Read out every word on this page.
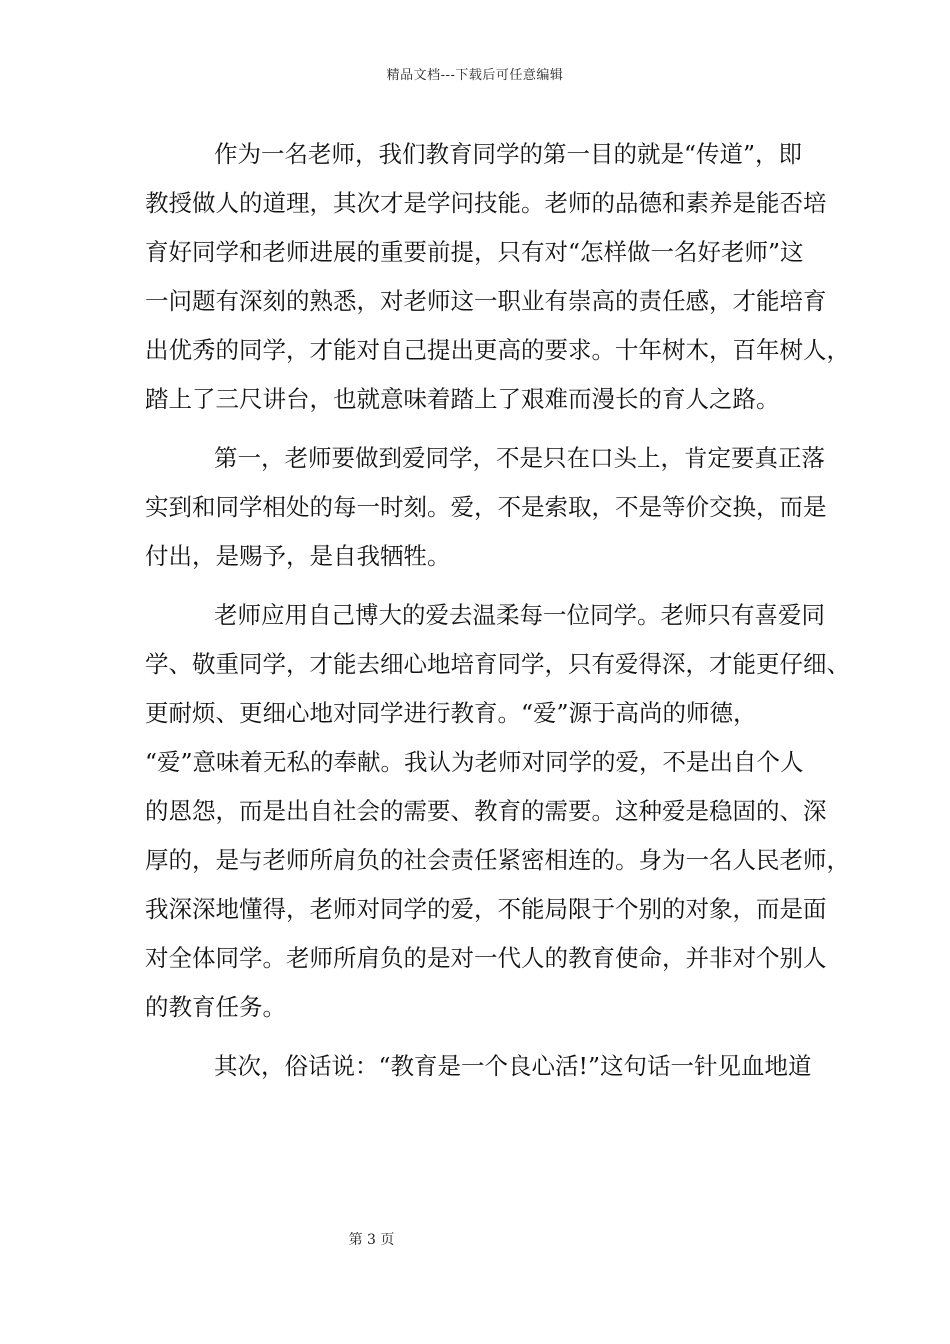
精品文档---下载后可任意编辑
作为一名老师，我们教育同学的第一目的就是“传道”，即
教授做人的道理，其次才是学问技能。老师的品德和素养是能否培
育好同学和老师进展的重要前提，只有对“怎样做一名好老师”这
一问题有深刻的熟悉，对老师这一职业有崇高的责任感，才能培育
出优秀的同学，才能对自己提出更高的要求。十年树木，百年树人，
踏上了三尺讲台，也就意味着踏上了艰难而漫长的育人之路。
第一，老师要做到爱同学，不是只在口头上，肯定要真正落
实到和同学相处的每一时刻。爱，不是索取，不是等价交换，而是
付出，是赐予，是自我牺牲。
老师应用自己博大的爱去温柔每一位同学。老师只有喜爱同
学、敬重同学，才能去细心地培育同学，只有爱得深，才能更仔细、
更耐烦、更细心地对同学进行教育。“爱”源于高尚的师德，
“爱”意味着无私的奉献。我认为老师对同学的爱，不是出自个人
的恩怨，而是出自社会的需要、教育的需要。这种爱是稳固的、深
厚的，是与老师所肩负的社会责任紧密相连的。身为一名人民老师，
我深深地懂得，老师对同学的爱，不能局限于个别的对象，而是面
对全体同学。老师所肩负的是对一代人的教育使命，并非对个别人
的教育任务。
其次，俗话说：“教育是一个良心活!”这句话一针见血地道
第 3 页
